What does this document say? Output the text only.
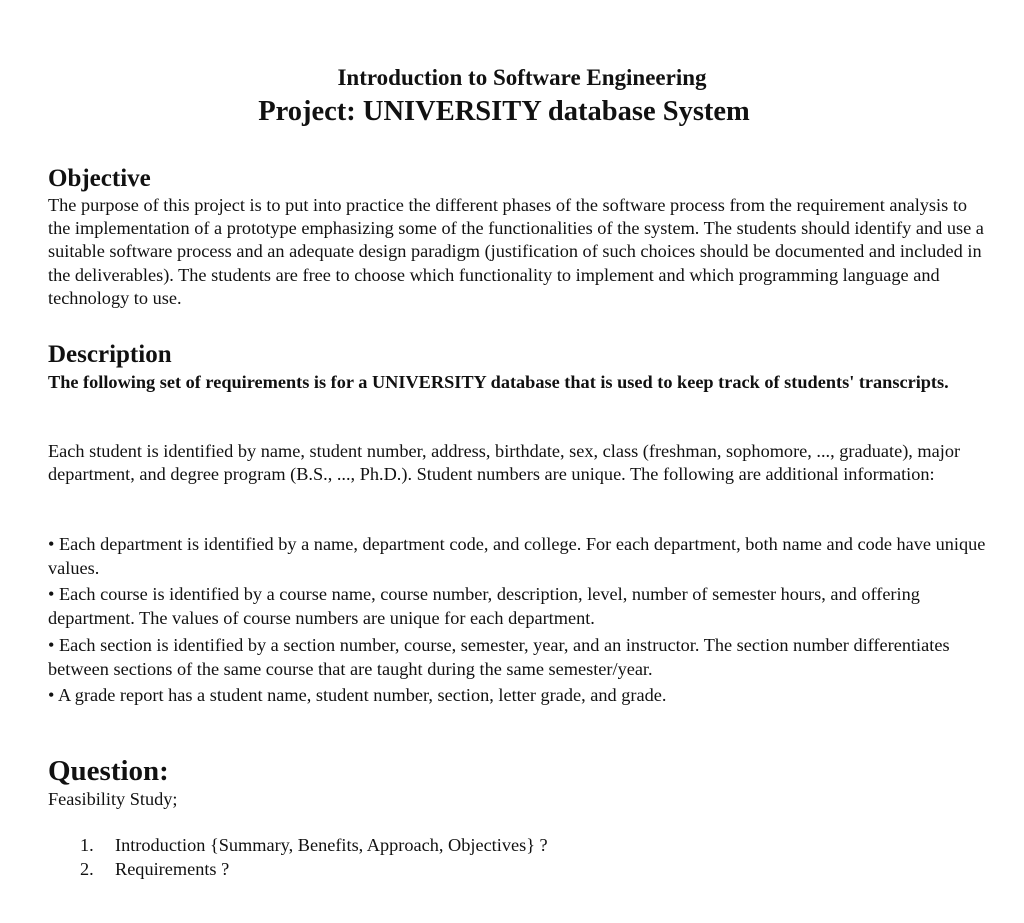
Introduction to Software Engineering
Project: UNIVERSITY database System
Objective
The purpose of this project is to put into practice the different phases of the software process from the requirement analysis to the implementation of a prototype emphasizing some of the functionalities of the system. The students should identify and use a suitable software process and an adequate design paradigm (justification of such choices should be documented and included in the deliverables). The students are free to choose which functionality to implement and which programming language and technology to use.
Description
The following set of requirements is for a UNIVERSITY database that is used to keep track of students' transcripts.
Each student is identified by name, student number, address, birthdate, sex, class (freshman, sophomore, ..., graduate), major department, and degree program (B.S., ..., Ph.D.). Student numbers are unique. The following are additional information:
• Each department is identified by a name, department code, and college. For each department, both name and code have unique values.
• Each course is identified by a course name, course number, description, level, number of semester hours, and offering department. The values of course numbers are unique for each department.
• Each section is identified by a section number, course, semester, year, and an instructor. The section number differentiates between sections of the same course that are taught during the same semester/year.
• A grade report has a student name, student number, section, letter grade, and grade.
Question:
Feasibility Study;
1.	Introduction {Summary, Benefits, Approach, Objectives} ?
2.	Requirements ?
